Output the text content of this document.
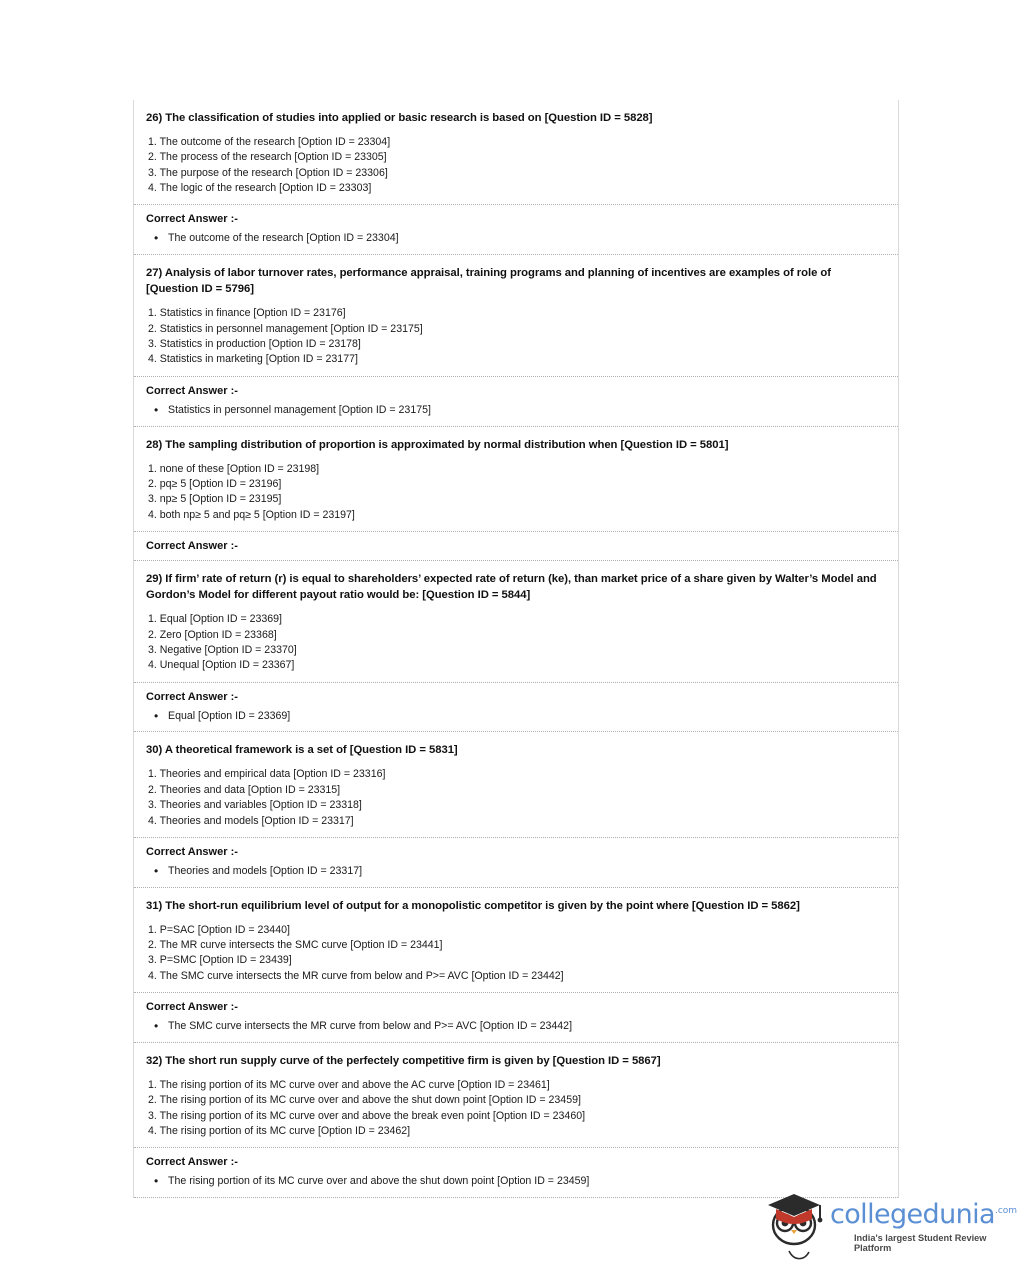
26) The classification of studies into applied or basic research is based on [Question ID = 5828]
1. The outcome of the research [Option ID = 23304]
2. The process of the research [Option ID = 23305]
3. The purpose of the research [Option ID = 23306]
4. The logic of the research [Option ID = 23303]
Correct Answer :-
• The outcome of the research [Option ID = 23304]
27) Analysis of labor turnover rates, performance appraisal, training programs and planning of incentives are examples of role of [Question ID = 5796]
1. Statistics in finance [Option ID = 23176]
2. Statistics in personnel management [Option ID = 23175]
3. Statistics in production [Option ID = 23178]
4. Statistics in marketing [Option ID = 23177]
Correct Answer :-
• Statistics in personnel management [Option ID = 23175]
28) The sampling distribution of proportion is approximated by normal distribution when [Question ID = 5801]
1. none of these [Option ID = 23198]
2. pq≥ 5 [Option ID = 23196]
3. np≥ 5 [Option ID = 23195]
4. both np≥ 5 and pq≥ 5 [Option ID = 23197]
Correct Answer :-
29) If firm’ rate of return (r) is equal to shareholders’ expected rate of return (ke), than market price of a share given by Walter’s Model and Gordon’s Model for different payout ratio would be: [Question ID = 5844]
1. Equal [Option ID = 23369]
2. Zero [Option ID = 23368]
3. Negative [Option ID = 23370]
4. Unequal [Option ID = 23367]
Correct Answer :-
• Equal [Option ID = 23369]
30) A theoretical framework is a set of [Question ID = 5831]
1. Theories and empirical data [Option ID = 23316]
2. Theories and data [Option ID = 23315]
3. Theories and variables [Option ID = 23318]
4. Theories and models [Option ID = 23317]
Correct Answer :-
• Theories and models [Option ID = 23317]
31) The short-run equilibrium level of output for a monopolistic competitor is given by the point where [Question ID = 5862]
1. P=SAC [Option ID = 23440]
2. The MR curve intersects the SMC curve [Option ID = 23441]
3. P=SMC [Option ID = 23439]
4. The SMC curve intersects the MR curve from below and P>= AVC [Option ID = 23442]
Correct Answer :-
• The SMC curve intersects the MR curve from below and P>= AVC [Option ID = 23442]
32) The short run supply curve of the perfectely competitive firm is given by [Question ID = 5867]
1. The rising portion of its MC curve over and above the AC curve [Option ID = 23461]
2. The rising portion of its MC curve over and above the shut down point [Option ID = 23459]
3. The rising portion of its MC curve over and above the break even point [Option ID = 23460]
4. The rising portion of its MC curve [Option ID = 23462]
Correct Answer :-
• The rising portion of its MC curve over and above the shut down point [Option ID = 23459]
collegedunia$^{.com}$
India's largest Student Review Platform
